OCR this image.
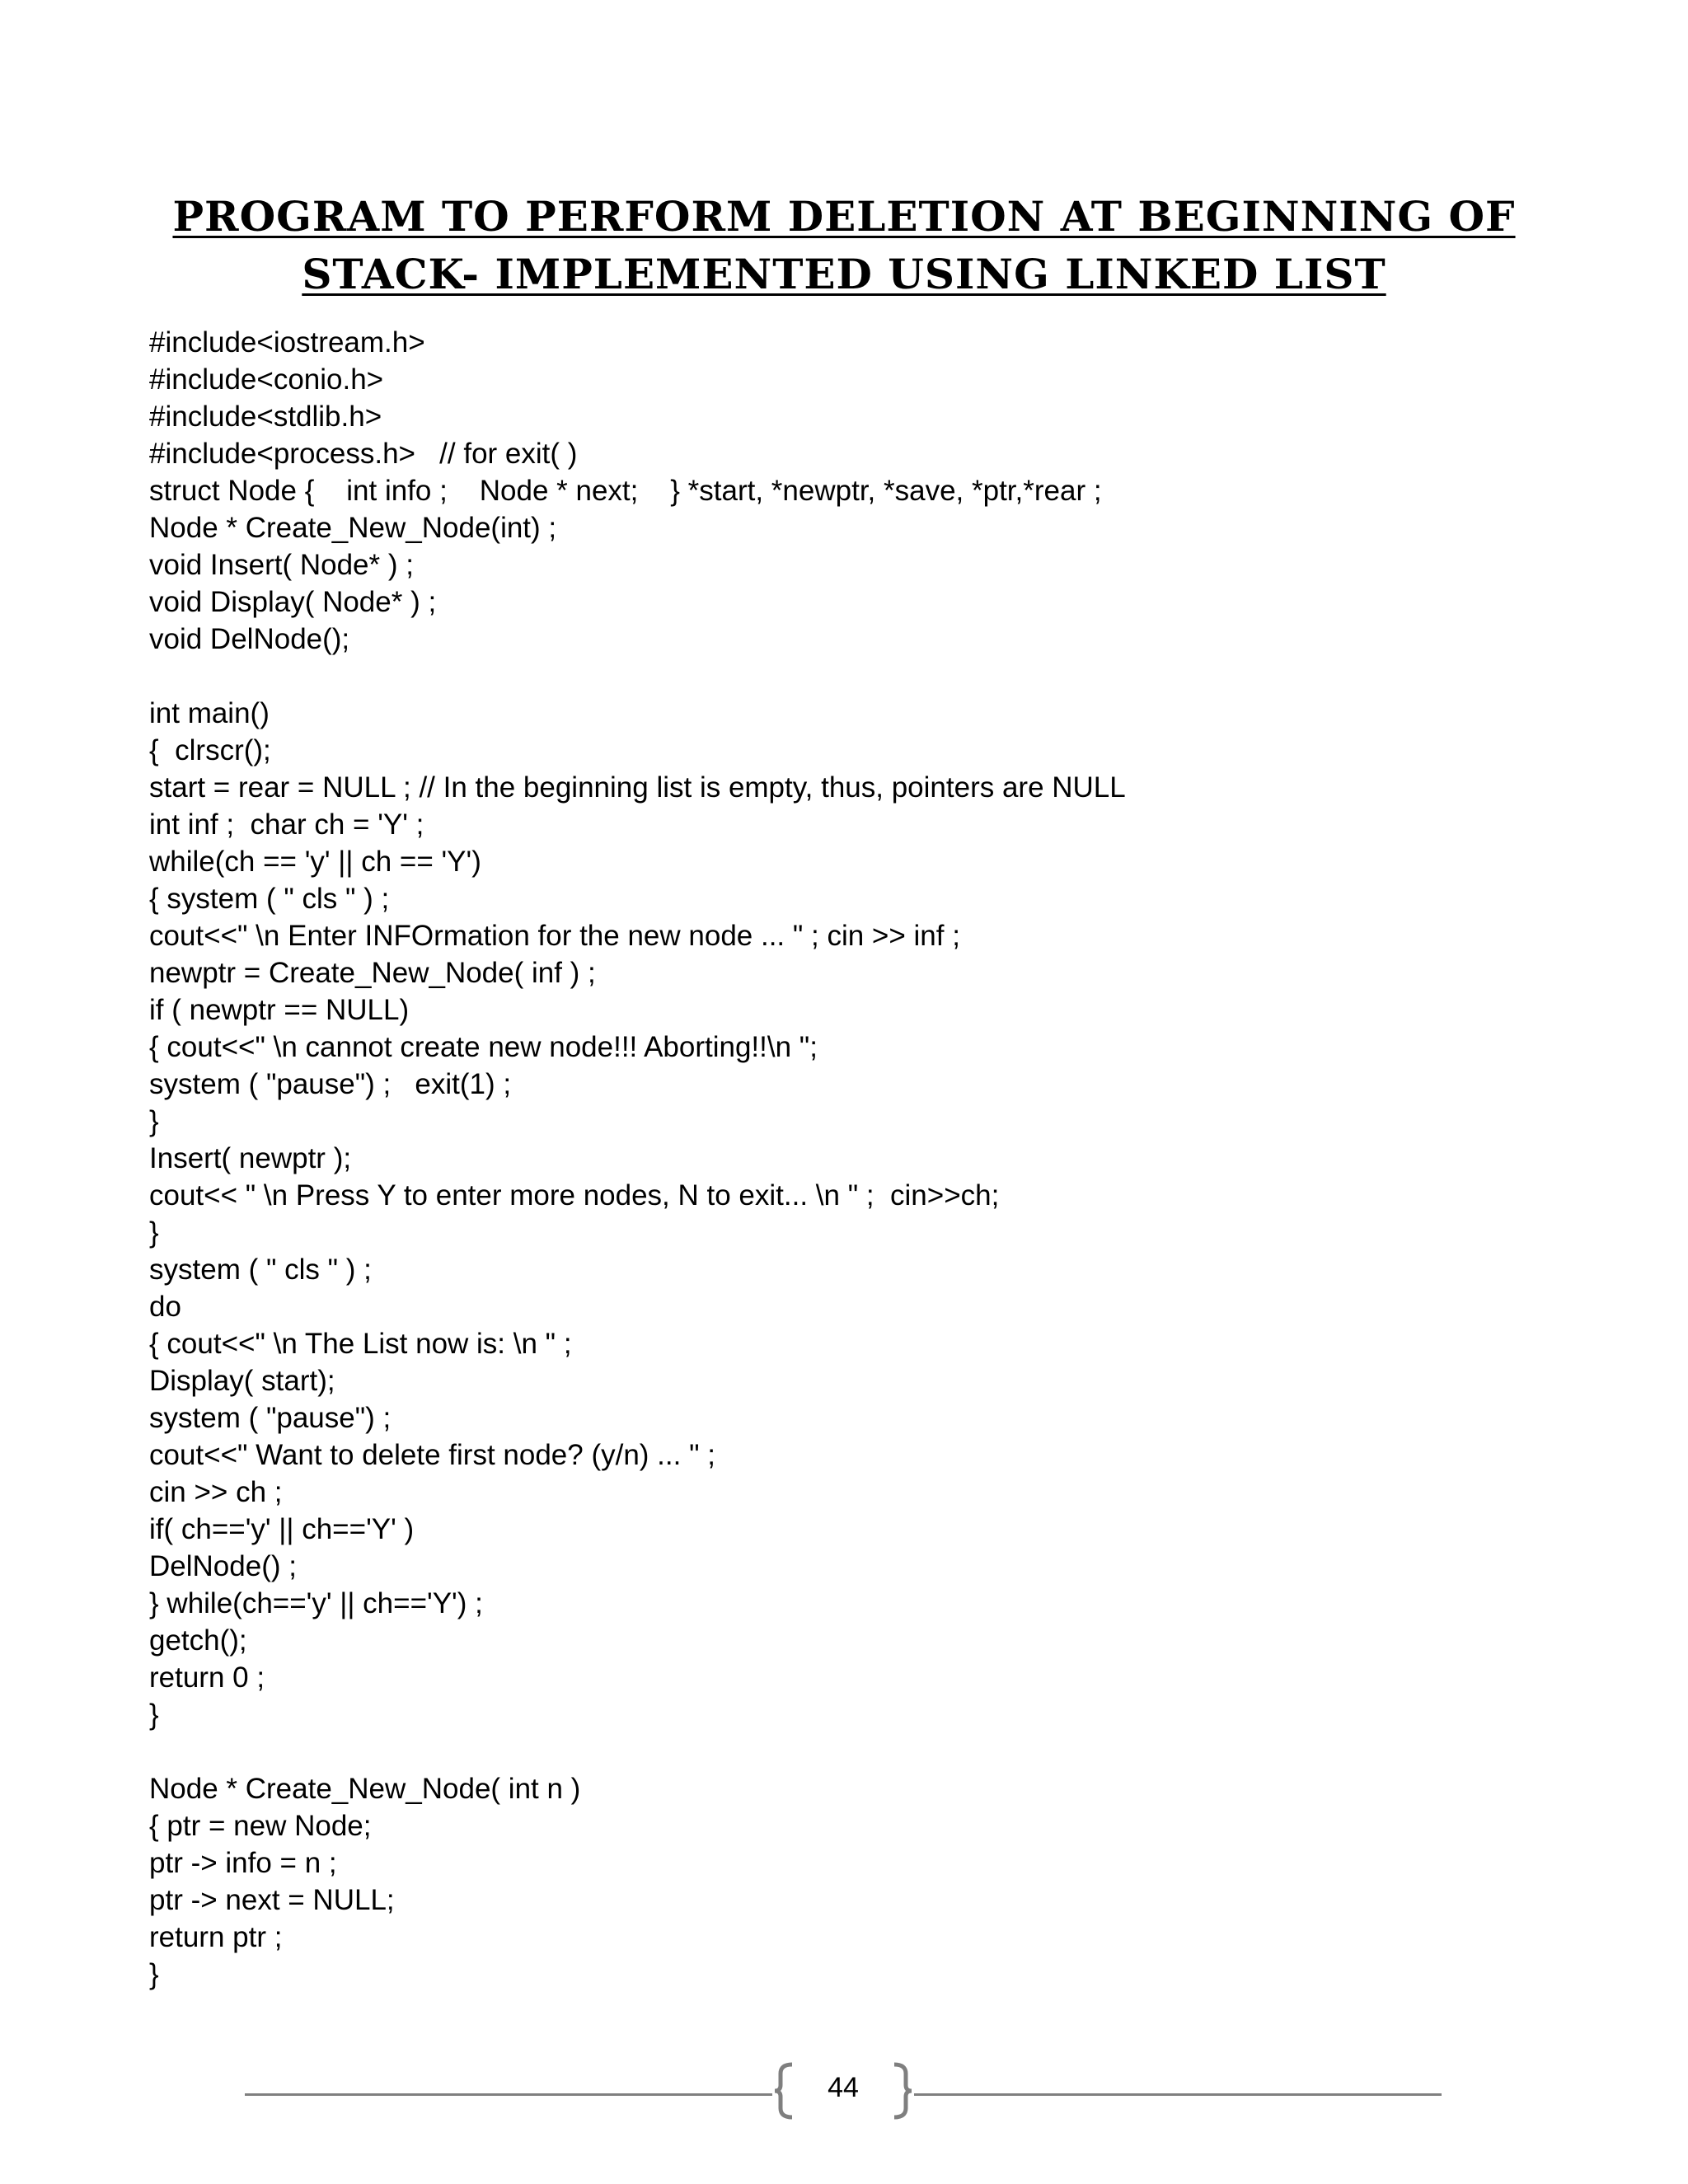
PROGRAM TO PERFORM DELETION AT BEGINNING OF
STACK- IMPLEMENTED USING LINKED LIST
#include<iostream.h>
#include<conio.h>
#include<stdlib.h>
#include<process.h>   // for exit( )
struct Node {    int info ;    Node * next;    } *start, *newptr, *save, *ptr,*rear ;
Node * Create_New_Node(int) ;
void Insert( Node* ) ;
void Display( Node* ) ;
void DelNode();
int main()
{  clrscr();
start = rear = NULL ; // In the beginning list is empty, thus, pointers are NULL
int inf ;  char ch = 'Y' ;
while(ch == 'y' || ch == 'Y')
{ system ( " cls " ) ;
cout<<" \n Enter INFOrmation for the new node ... " ; cin >> inf ;
newptr = Create_New_Node( inf ) ;
if ( newptr == NULL)
{ cout<<" \n cannot create new node!!! Aborting!!\n ";
system ( "pause") ;   exit(1) ;
}
Insert( newptr );
cout<< " \n Press Y to enter more nodes, N to exit... \n " ;  cin>>ch;
}
system ( " cls " ) ;
do
{ cout<<" \n The List now is: \n " ;
Display( start);
system ( "pause") ;
cout<<" Want to delete first node? (y/n) ... " ;
cin >> ch ;
if( ch=='y' || ch=='Y' )
DelNode() ;
} while(ch=='y' || ch=='Y') ;
getch();
return 0 ;
}
Node * Create_New_Node( int n )
{ ptr = new Node;
ptr -> info = n ;
ptr -> next = NULL;
return ptr ;
}
44
